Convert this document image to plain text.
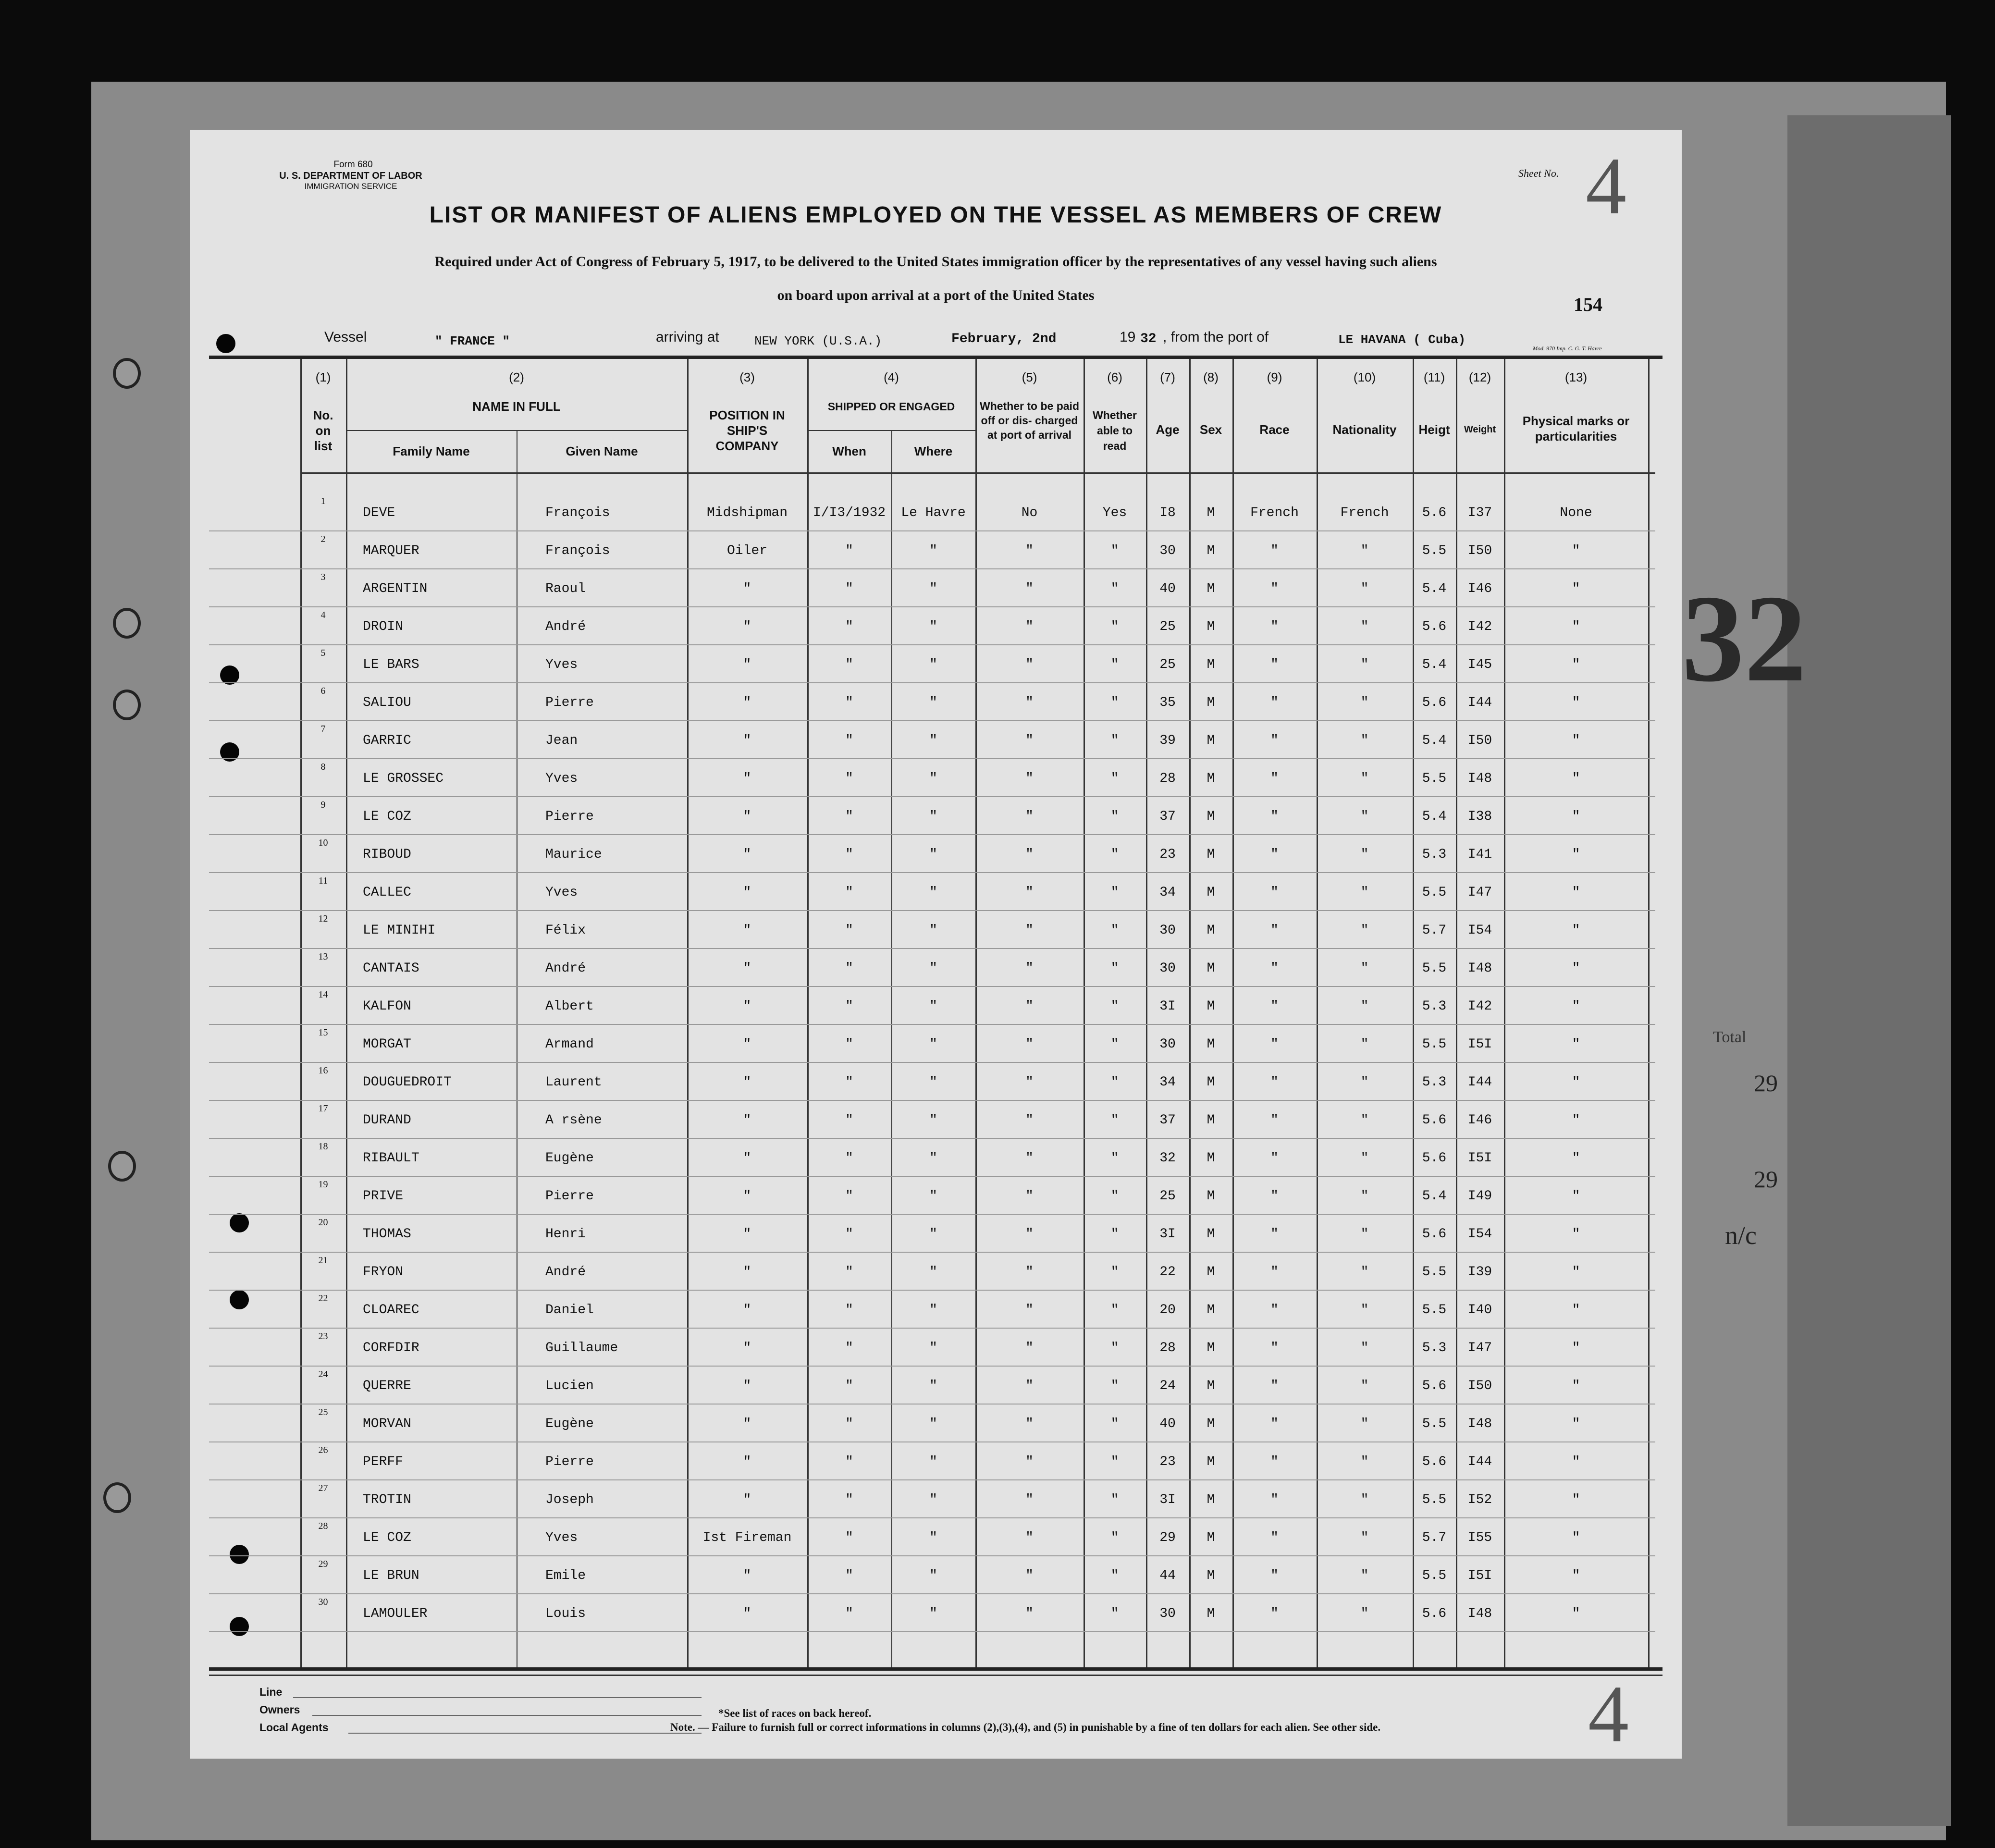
32
Total
29
29
n/c
Form 680
U. S. DEPARTMENT OF LABOR
IMMIGRATION SERVICE
Sheet No. 4
LIST OR MANIFEST OF ALIENS EMPLOYED ON THE VESSEL AS MEMBERS OF CREW
Required under Act of Congress of February 5, 1917, to be delivered to the United States immigration officer by the representatives of any vessel having such aliens
on board upon arrival at a port of the United States	154
Vessel	" FRANCE "	arriving at	NEW YORK (U.S.A.)	February, 2nd	19 32 , from the port of	LE HAVANA ( Cuba)
Mod. 970 Imp. C. G. T. Havre
(1)	(2)	(3)	(4)	(5)	(6)	(7)	(8)	(9)	(10)	(11)	(12)	(13)
No. on list
NAME IN FULL
Family Name	Given Name
POSITION IN SHIP'S COMPANY
SHIPPED OR ENGAGED
When	Where
Whether to be paid off or dis- charged at port of arrival
Whether able to read
Age	Sex	Race	Nationality	Heigt	Weight
Physical marks or particularities
1
DEVE	François	Midshipman	I/I3/1932	Le Havre	No	Yes	I8	M	French	French	5.6	I37	None
2
MARQUER	François	Oiler	"	"	"	"	30	M	"	"	5.5	I50	"
3
ARGENTIN	Raoul	"	"	"	"	"	40	M	"	"	5.4	I46	"
4
DROIN	André	"	"	"	"	"	25	M	"	"	5.6	I42	"
5
LE BARS	Yves	"	"	"	"	"	25	M	"	"	5.4	I45	"
6
SALIOU	Pierre	"	"	"	"	"	35	M	"	"	5.6	I44	"
7
GARRIC	Jean	"	"	"	"	"	39	M	"	"	5.4	I50	"
8
LE GROSSEC	Yves	"	"	"	"	"	28	M	"	"	5.5	I48	"
9
LE COZ	Pierre	"	"	"	"	"	37	M	"	"	5.4	I38	"
10
RIBOUD	Maurice	"	"	"	"	"	23	M	"	"	5.3	I41	"
11
CALLEC	Yves	"	"	"	"	"	34	M	"	"	5.5	I47	"
12
LE MINIHI	Félix	"	"	"	"	"	30	M	"	"	5.7	I54	"
13
CANTAIS	André	"	"	"	"	"	30	M	"	"	5.5	I48	"
14
KALFON	Albert	"	"	"	"	"	3I	M	"	"	5.3	I42	"
15
MORGAT	Armand	"	"	"	"	"	30	M	"	"	5.5	I5I	"
16
DOUGUEDROIT	Laurent	"	"	"	"	"	34	M	"	"	5.3	I44	"
17
DURAND	A rsène	"	"	"	"	"	37	M	"	"	5.6	I46	"
18
RIBAULT	Eugène	"	"	"	"	"	32	M	"	"	5.6	I5I	"
19
PRIVE	Pierre	"	"	"	"	"	25	M	"	"	5.4	I49	"
20
THOMAS	Henri	"	"	"	"	"	3I	M	"	"	5.6	I54	"
21
FRYON	André	"	"	"	"	"	22	M	"	"	5.5	I39	"
22
CLOAREC	Daniel	"	"	"	"	"	20	M	"	"	5.5	I40	"
23
CORFDIR	Guillaume	"	"	"	"	"	28	M	"	"	5.3	I47	"
24
QUERRE	Lucien	"	"	"	"	"	24	M	"	"	5.6	I50	"
25
MORVAN	Eugène	"	"	"	"	"	40	M	"	"	5.5	I48	"
26
PERFF	Pierre	"	"	"	"	"	23	M	"	"	5.6	I44	"
27
TROTIN	Joseph	"	"	"	"	"	3I	M	"	"	5.5	I52	"
28
LE COZ	Yves	Ist Fireman	"	"	"	"	29	M	"	"	5.7	I55	"
29
LE BRUN	Emile	"	"	"	"	"	44	M	"	"	5.5	I5I	"
30
LAMOULER	Louis	"	"	"	"	"	30	M	"	"	5.6	I48	"
Line
Owners
Local Agents
*See list of races on back hereof.
Note. — Failure to furnish full or correct informations in columns (2),(3),(4), and (5) in punishable by a fine of ten dollars for each alien. See other side.	4
